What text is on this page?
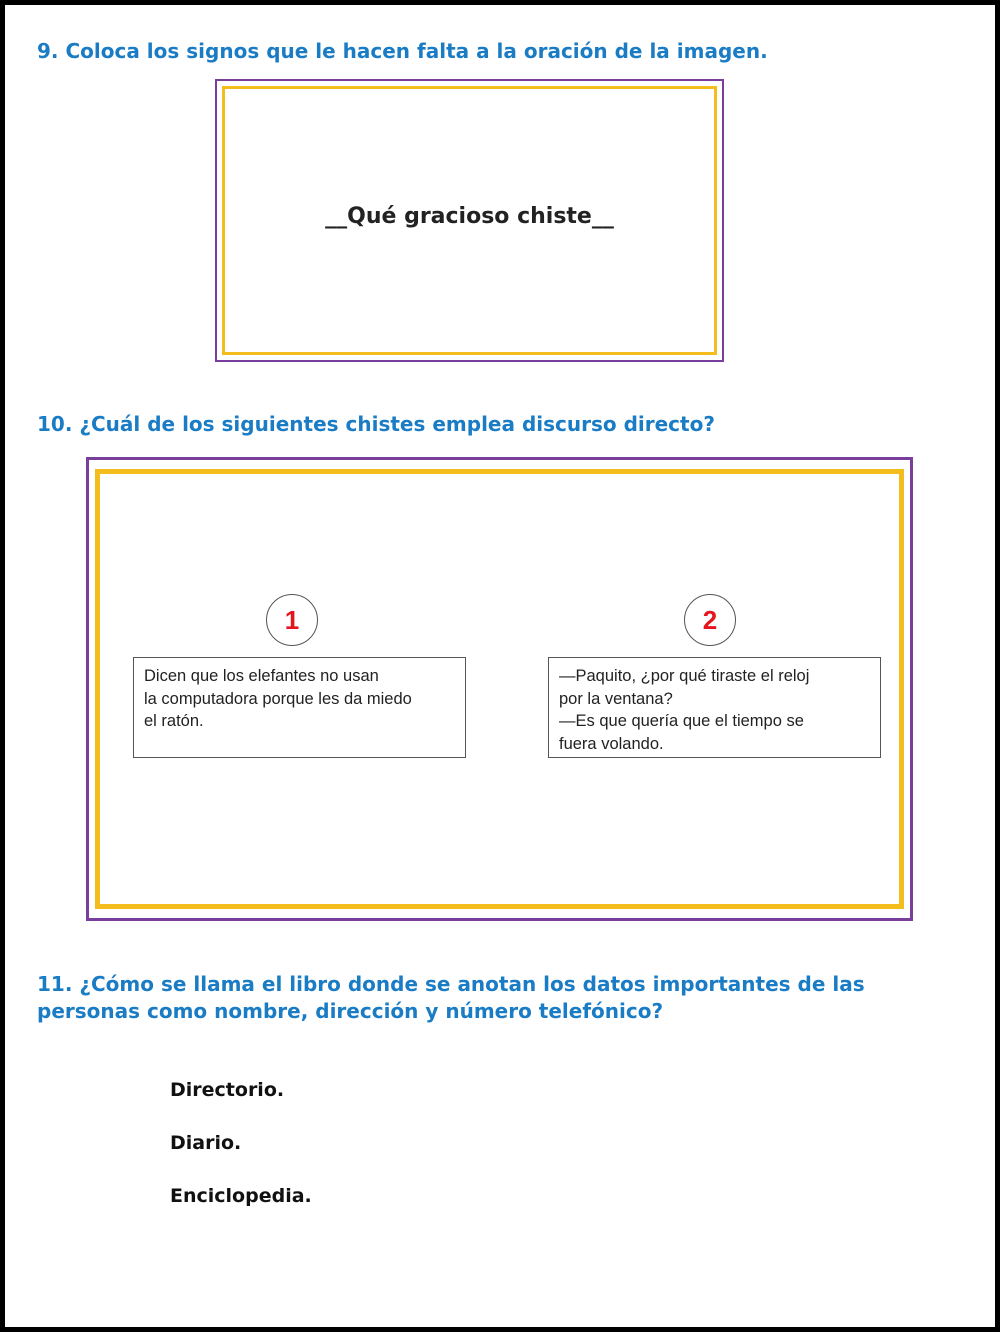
9. Coloca los signos que le hacen falta a la oración de la imagen.
__Qué gracioso chiste__
10. ¿Cuál de los siguientes chistes emplea discurso directo?
1	2
Dicen que los elefantes no usan
la computadora porque les da miedo
el ratón.
—Paquito, ¿por qué tiraste el reloj
por la ventana?
—Es que quería que el tiempo se
fuera volando.
11. ¿Cómo se llama el libro donde se anotan los datos importantes de las personas como nombre, dirección y número telefónico?
Directorio.
Diario.
Enciclopedia.
